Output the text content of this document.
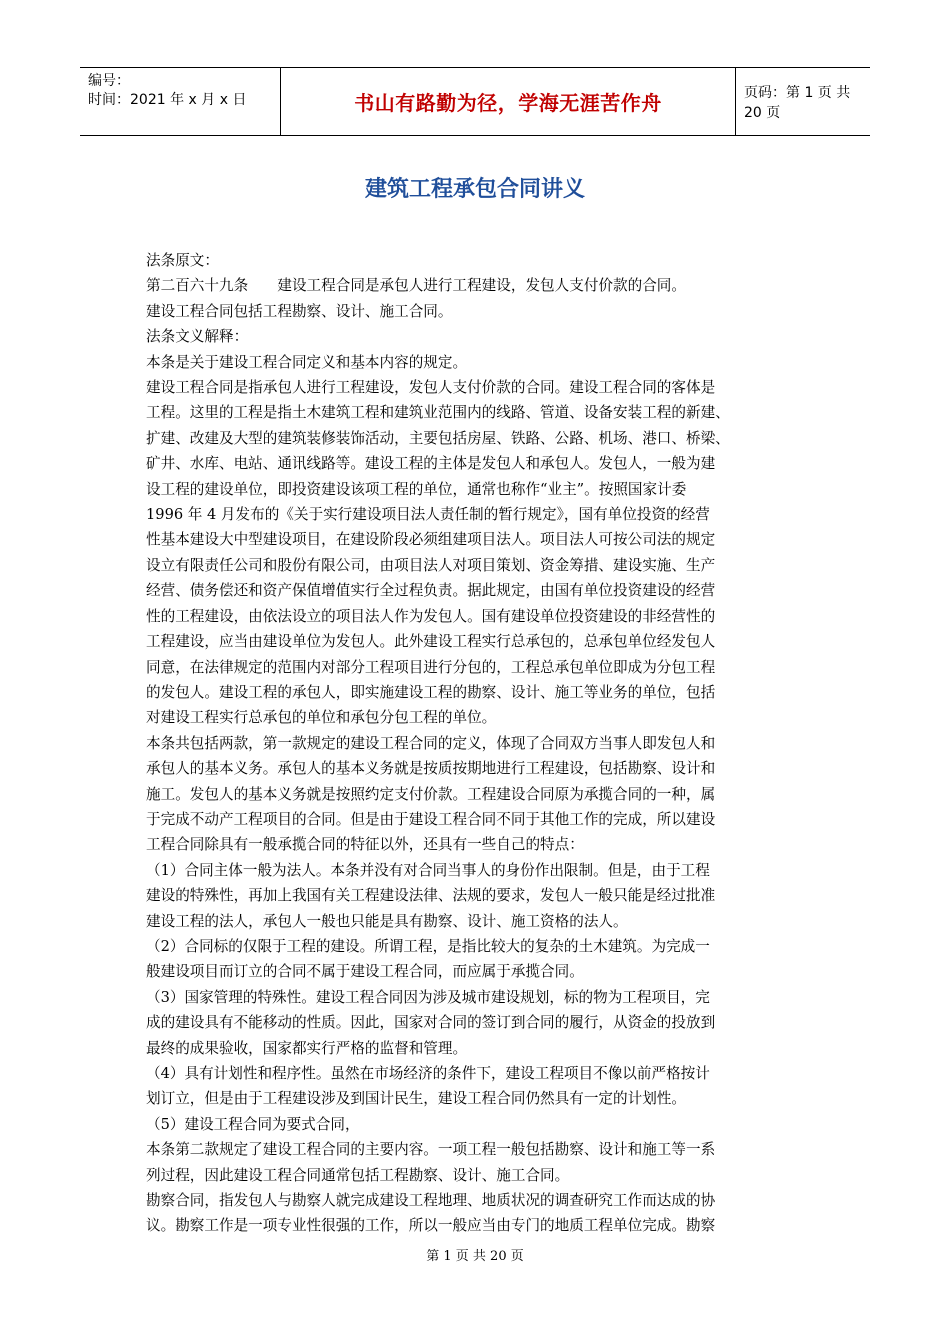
编号：
时间：2021 年 x 月 x 日	书山有路勤为径，学海无涯苦作舟	页码：第 1 页 共 20 页
建筑工程承包合同讲义

法条原文：

第二百六十九条　　建设工程合同是承包人进行工程建设，发包人支付价款的合同。

建设工程合同包括工程勘察、设计、施工合同。

法条文义解释：

本条是关于建设工程合同定义和基本内容的规定。

建设工程合同是指承包人进行工程建设，发包人支付价款的合同。建设工程合同的客体是

工程。这里的工程是指土木建筑工程和建筑业范围内的线路、管道、设备安装工程的新建、

扩建、改建及大型的建筑装修装饰活动，主要包括房屋、铁路、公路、机场、港口、桥梁、

矿井、水库、电站、通讯线路等。建设工程的主体是发包人和承包人。发包人，一般为建

设工程的建设单位，即投资建设该项工程的单位，通常也称作“业主”。按照国家计委

1996 年 4 月发布的《关于实行建设项目法人责任制的暂行规定》，国有单位投资的经营

性基本建设大中型建设项目，在建设阶段必须组建项目法人。项目法人可按公司法的规定

设立有限责任公司和股份有限公司，由项目法人对项目策划、资金筹措、建设实施、生产

经营、债务偿还和资产保值增值实行全过程负责。据此规定，由国有单位投资建设的经营

性的工程建设，由依法设立的项目法人作为发包人。国有建设单位投资建设的非经营性的

工程建设，应当由建设单位为发包人。此外建设工程实行总承包的，总承包单位经发包人

同意，在法律规定的范围内对部分工程项目进行分包的，工程总承包单位即成为分包工程

的发包人。建设工程的承包人，即实施建设工程的勘察、设计、施工等业务的单位，包括

对建设工程实行总承包的单位和承包分包工程的单位。

本条共包括两款，第一款规定的建设工程合同的定义，体现了合同双方当事人即发包人和

承包人的基本义务。承包人的基本义务就是按质按期地进行工程建设，包括勘察、设计和

施工。发包人的基本义务就是按照约定支付价款。工程建设合同原为承揽合同的一种，属

于完成不动产工程项目的合同。但是由于建设工程合同不同于其他工作的完成，所以建设

工程合同除具有一般承揽合同的特征以外，还具有一些自己的特点：

（1）合同主体一般为法人。本条并没有对合同当事人的身份作出限制。但是，由于工程

建设的特殊性，再加上我国有关工程建设法律、法规的要求，发包人一般只能是经过批准

建设工程的法人，承包人一般也只能是具有勘察、设计、施工资格的法人。

（2）合同标的仅限于工程的建设。所谓工程，是指比较大的复杂的土木建筑。为完成一

般建设项目而订立的合同不属于建设工程合同，而应属于承揽合同。

（3）国家管理的特殊性。建设工程合同因为涉及城市建设规划，标的物为工程项目，完

成的建设具有不能移动的性质。因此，国家对合同的签订到合同的履行，从资金的投放到

最终的成果验收，国家都实行严格的监督和管理。

（4）具有计划性和程序性。虽然在市场经济的条件下，建设工程项目不像以前严格按计

划订立，但是由于工程建设涉及到国计民生，建设工程合同仍然具有一定的计划性。

（5）建设工程合同为要式合同，

本条第二款规定了建设工程合同的主要内容。一项工程一般包括勘察、设计和施工等一系

列过程，因此建设工程合同通常包括工程勘察、设计、施工合同。

勘察合同，指发包人与勘察人就完成建设工程地理、地质状况的调查研究工作而达成的协

议。勘察工作是一项专业性很强的工作，所以一般应当由专门的地质工程单位完成。勘察

第 1 页 共 20 页
